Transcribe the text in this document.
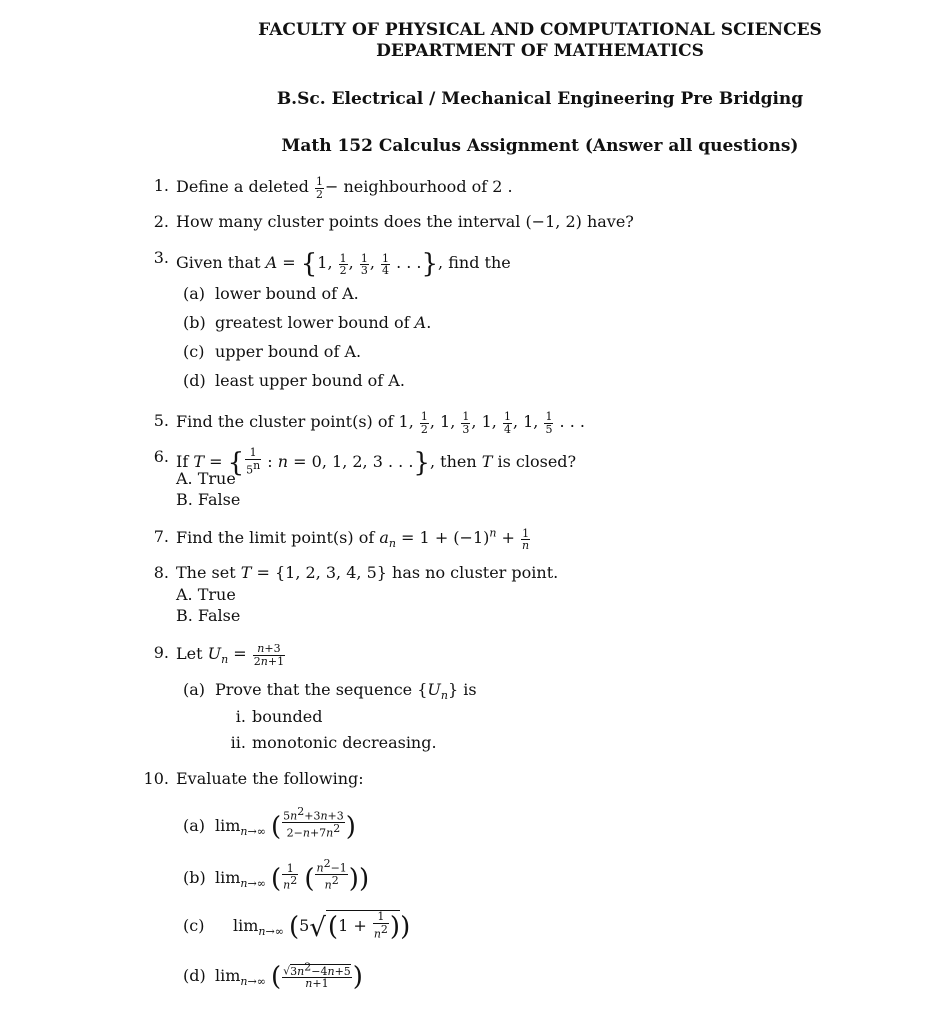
FACULTY OF PHYSICAL AND COMPUTATIONAL SCIENCES
DEPARTMENT OF MATHEMATICS
B.Sc. Electrical / Mechanical Engineering Pre Bridging
Math 152 Calculus Assignment (Answer all questions)
1. Define a deleted $\frac{1}{2}$ − neighbourhood of 2 .
2. How many cluster points does the interval (−1, 2) have?
3. Given that A = {1, $\frac{1}{2}$ , $\frac{1}{3}$ , $\frac{1}{4}$ . . .}, find the
(a) lower bound of A.
(b) greatest lower bound of A.
(c) upper bound of A.
(d) least upper bound of A.
5. Find the cluster point(s) of 1, $\frac{1}{2}$ , 1, $\frac{1}{3}$ , 1, $\frac{1}{4}$ , 1, $\frac{1}{5}$ . . .
6. If T = { $\frac{1}{5^n}$ : n = 0, 1, 2, 3 . . .}, then T is closed?
A. True
B. False
7. Find the limit point(s) of $a_n = 1 + (-1)^n + \frac{1}{n}$
8. The set T = {1, 2, 3, 4, 5} has no cluster point.
A. True
B. False
9. Let $U_n = \frac{n+3}{2n+1}$
(a) Prove that the sequence $\{U_n\}$ is
i. bounded
ii. monotonic decreasing.
10. Evaluate the following:
(a) $\lim_{n\to\infty}$ ( $\frac{5n^2+3n+3}{2-n+7n^2}$ )
(b) $\lim_{n\to\infty}$ ( $\frac{1}{n^2}$ ( $\frac{n^2-1}{n^2}$ ))
(c) $\lim_{n\to\infty} (5√(1 + \frac{1}{n^2}$ ))
(d) $\lim_{n\to\infty}$ ( $\frac{√3n^2-4n+5}{n+1}$ )
